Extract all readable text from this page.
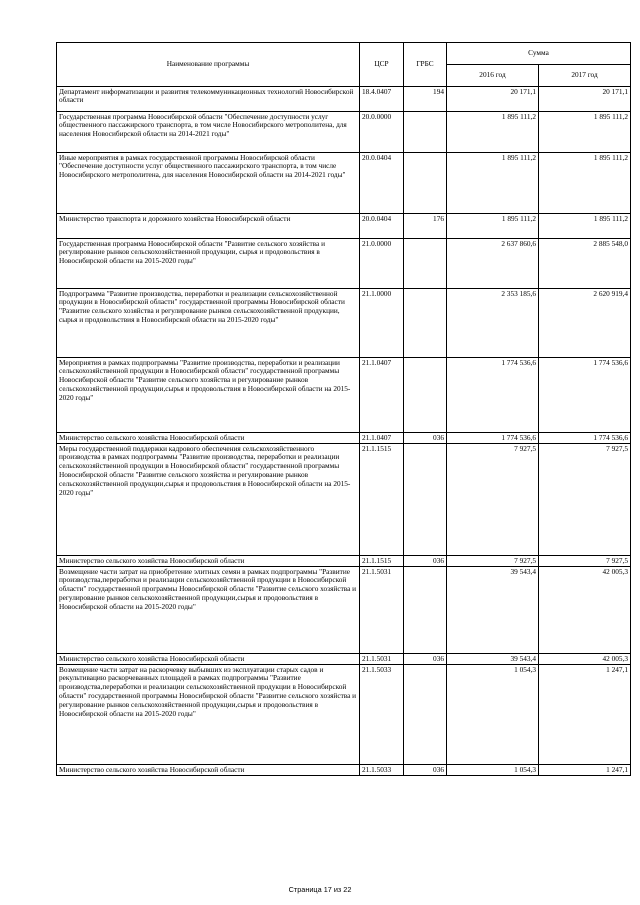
Наименование программы	ЦСР	ГРБС	Сумма	
			2016 год	2017 год
Департамент информатизации и развития телекоммуникационных технологий Новосибирской области	18.4.0407	194	20 171,1	20 171,1
Государственная программа Новосибирской области "Обеспечение доступности услуг общественного пассажирского транспорта, в том числе Новосибирского метрополитена, для населения Новосибирской области на 2014-2021 годы"	20.0.0000		1 895 111,2	1 895 111,2
Иные мероприятия в рамках государственной программы Новосибирской области "Обеспечение доступности услуг общественного пассажирского транспорта, в том числе Новосибирского метрополитена, для населения Новосибирской области на 2014-2021 годы"	20.0.0404		1 895 111,2	1 895 111,2
Министерство транспорта и дорожного хозяйства Новосибирской области	20.0.0404	176	1 895 111,2	1 895 111,2
Государственная программа Новосибирской области "Развитие сельского хозяйства и регулирование рынков сельскохозяйственной продукции, сырья и продовольствия в Новосибирской области на 2015-2020 годы"	21.0.0000		2 637 860,6	2 885 548,0
Подпрограмма "Развитие производства, переработки и реализации сельскохозяйственной продукции в Новосибирской области" государственной программы Новосибирской области "Развитие сельского хозяйства и регулирование рынков сельскохозяйственной продукции, сырья и продовольствия в Новосибирской области на 2015-2020 годы"	21.1.0000		2 353 185,6	2 620 919,4
Мероприятия в рамках подпрограммы "Развитие производства, переработки и реализации сельскохозяйственной продукции в Новосибирской области" государственной программы Новосибирской области "Развитие сельского хозяйства и регулирование рынков сельскохозяйственной продукции,сырья и продовольствия в Новосибирской области на 2015-2020 годы"	21.1.0407		1 774 536,6	1 774 536,6
Министерство сельского хозяйства Новосибирской области	21.1.0407	036	1 774 536,6	1 774 536,6
Меры государственной поддержки кадрового обеспечения сельскохозяйственного производства в рамках подпрограммы "Развитие производства, переработки и реализации сельскохозяйственной продукции в Новосибирской области" государственной программы Новосибирской области "Развитие сельского хозяйства и регулирование рынков сельскохозяйственной продукции,сырья и продовольствия в Новосибирской области на 2015-2020 годы"	21.1.1515		7 927,5	7 927,5
Министерство сельского хозяйства Новосибирской области	21.1.1515	036	7 927,5	7 927,5
Возмещение части затрат на приобретение элитных семян в рамках подпрограммы "Развитие производства,переработки и реализации сельскохозяйственной продукции в Новосибирской области" государственной программы Новосибирской области "Развитие сельского хозяйства и регулирование рынков сельскохозяйственной продукции,сырья и продовольствия в Новосибирской области на 2015-2020 годы"	21.1.5031		39 543,4	42 005,3
Министерство сельского хозяйства Новосибирской области	21.1.5031	036	39 543,4	42 005,3
Возмещение части затрат на раскорчевку выбывших из эксплуатации старых садов и рекультивацию раскорчеванных площадей в рамках подпрограммы "Развитие производства,переработки и реализации сельскохозяйственной продукции в Новосибирской области" государственной программы Новосибирской области "Развитие сельского хозяйства и регулирование рынков сельскохозяйственной продукции,сырья и продовольствия в Новосибирской области на 2015-2020 годы"	21.1.5033		1 054,3	1 247,1
Министерство сельского хозяйства Новосибирской области	21.1.5033	036	1 054,3	1 247,1
Страница 17 из 22
